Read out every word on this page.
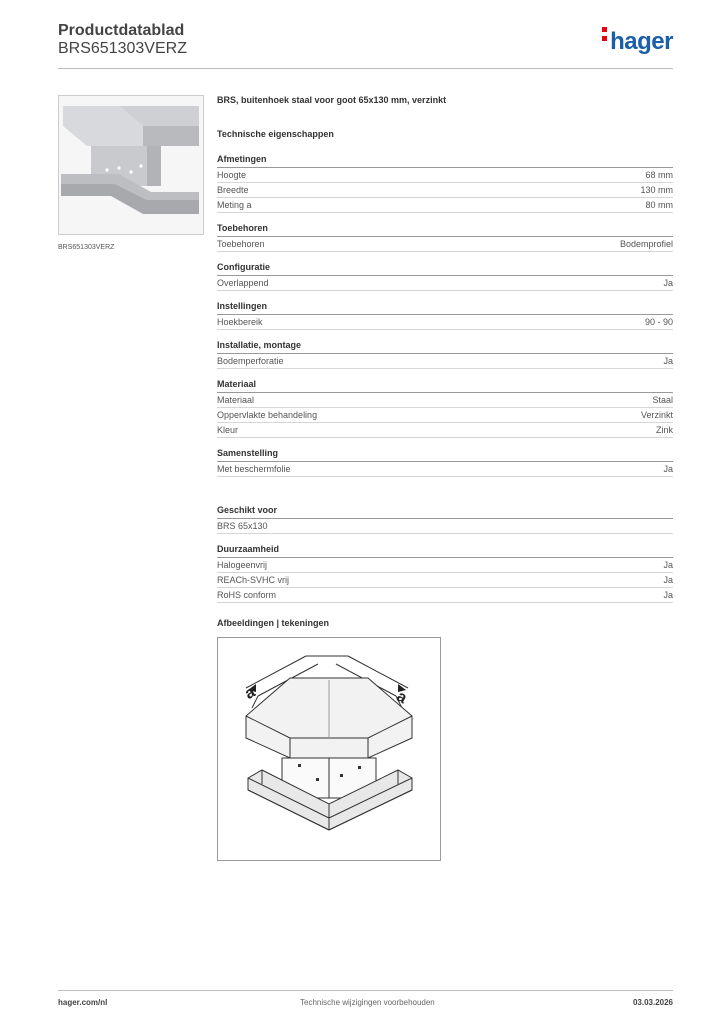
Productdatablad
BRS651303VERZ	hager
BRS651303VERZ
BRS, buitenhoek staal voor goot 65x130 mm, verzinkt
Technische eigenschappen
Afmetingen
Hoogte	68 mm
Breedte	130 mm
Meting a	80 mm
Toebehoren
Toebehoren	Bodemprofiel
Configuratie
Overlappend	Ja
Instellingen
Hoekbereik	90 - 90
Installatie, montage
Bodemperforatie	Ja
Materiaal
Materiaal	Staal
Oppervlakte behandeling	Verzinkt
Kleur	Zink
Samenstelling
Met beschermfolie	Ja
Geschikt voor
BRS 65x130
Duurzaamheid
Halogeenvrij	Ja
REACh-SVHC vrij	Ja
RoHS conform	Ja
Afbeeldingen | tekeningen
a	a
hager.com/nl	Technische wijzigingen voorbehouden	03.03.2026
